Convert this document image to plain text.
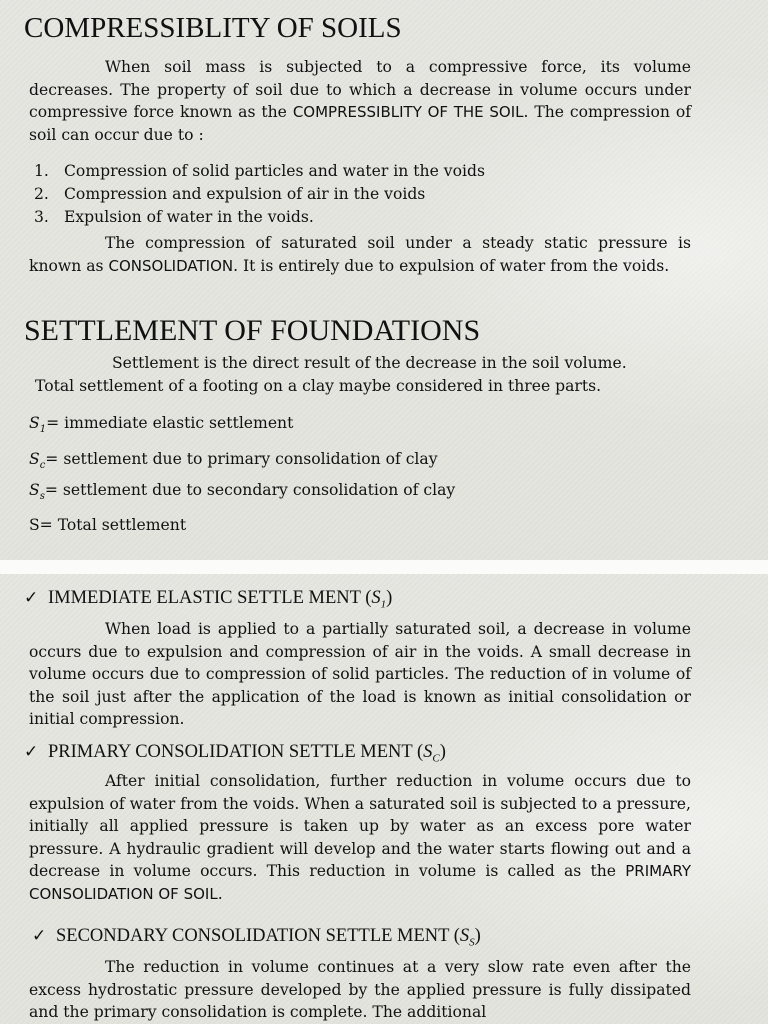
COMPRESSIBLITY OF SOILS

When soil mass is subjected to a compressive force, its volume decreases. The property of soil due to which a decrease in volume occurs under compressive force known as the COMPRESSIBLITY OF THE SOIL. The compression of soil can occur due to :

1. Compression of solid particles and water in the voids
2. Compression and expulsion of air in the voids
3. Expulsion of water in the voids.

The compression of saturated soil under a steady static pressure is known as CONSOLIDATION. It is entirely due to expulsion of water from the voids.

SETTLEMENT OF FOUNDATIONS

Settlement is the direct result of the decrease in the soil volume.

Total settlement of a footing on a clay maybe considered in three parts.

$S_1=$ immediate elastic settlement

$S_c=$ settlement due to primary consolidation of clay

$S_s=$ settlement due to secondary consolidation of clay

S= Total settlement

✓ IMMEDIATE ELASTIC SETTLE MENT $(S_1)$

When load is applied to a partially saturated soil, a decrease in volume occurs due to expulsion and compression of air in the voids. A small decrease in volume occurs due to compression of solid particles. The reduction of in volume of the soil just after the application of the load is known as initial consolidation or initial compression.

✓ PRIMARY CONSOLIDATION SETTLE MENT $(S_C)$

After initial consolidation, further reduction in volume occurs due to expulsion of water from the voids. When a saturated soil is subjected to a pressure, initially all applied pressure is taken up by water as an excess pore water pressure. A hydraulic gradient will develop and the water starts flowing out and a decrease in volume occurs. This reduction in volume is called as the PRIMARY CONSOLIDATION OF SOIL.

✓ SECONDARY CONSOLIDATION SETTLE MENT $(S_S)$

The reduction in volume continues at a very slow rate even after the excess hydrostatic pressure developed by the applied pressure is fully dissipated and the primary consolidation is complete. The additional
